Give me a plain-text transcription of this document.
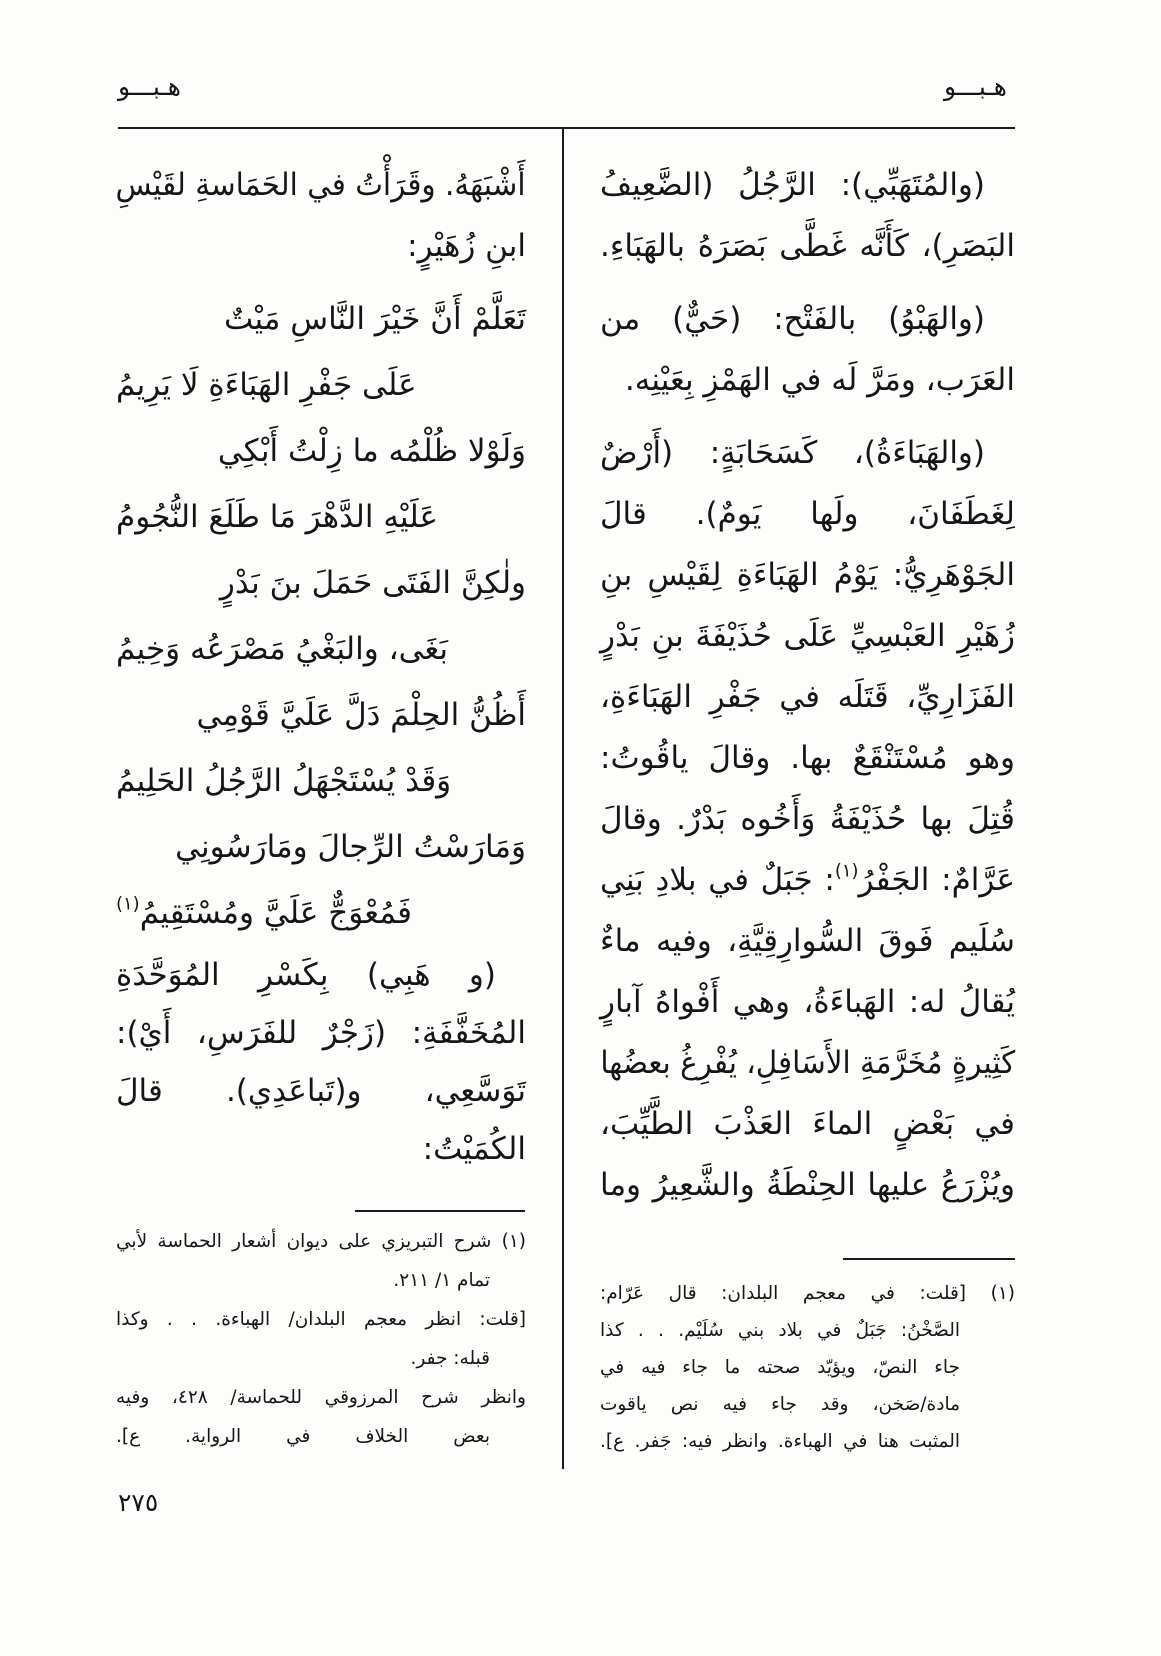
هـبـــو	هـبـــو
(والمُتَهَبِّي): الرَّجُلُ (الضَّعِيفُ
البَصَرِ)، كَأَنَّه غَطَّى بَصَرَهُ بالهَبَاءِ.
(والهَبْوُ) بالفَتْح: (حَيٌّ) من
العَرَب، ومَرَّ لَه في الهَمْزِ بِعَيْنِه.
(والهَبَاءَةُ)، كَسَحَابَةٍ: (أَرْضٌ
لِغَطَفَانَ، ولَها يَومٌ). قالَ
الجَوْهَرِيُّ: يَوْمُ الهَبَاءَةِ لِقَيْسِ بنِ
زُهَيْرِ العَبْسِيِّ عَلَى حُذَيْفَةَ بنِ بَدْرٍ
الفَزَارِيِّ، قَتَلَه في جَفْرِ الهَبَاءَةِ،
وهو مُسْتَنْقَعٌ بها. وقالَ ياقُوتُ:
قُتِلَ بها حُذَيْفَةُ وَأَخُوه بَدْرٌ. وقالَ
عَرَّامٌ: الجَفْرُ$^{(١)}$: جَبَلٌ في بلادِ بَنِي
سُلَيم فَوقَ السُّوارِقِيَّةِ، وفيه ماءٌ
يُقالُ له: الهَباءَةُ، وهي أَفْواهُ آبارٍ
كَثِيرةٍ مُخَرَّمَةِ الأَسَافِلِ، يُفْرِغُ بعضُها
في بَعْضٍ الماءَ العَذْبَ الطَّيِّبَ،
ويُزْرَعُ عليها الحِنْطَةُ والشَّعِيرُ وما
(١) [قلت: في معجم البلدان: قال عَرّام:
الصَّخْنُ: جَبَلٌ في بلاد بني سُلَيْم. . . كذا
جاء النصّ، ويؤيّد صحته ما جاء فيه في
مادة/صَخن، وقد جاء فيه نص ياقوت
المثبت هنا في الهباءة. وانظر فيه: جَفر. ع].
أَشْبَهَهُ. وقَرَأْتُ في الحَمَاسةِ لقَيْسِ
ابنِ زُهَيْرٍ:
تَعَلَّمْ أَنَّ خَيْرَ النَّاسِ مَيْتٌ
عَلَى جَفْرِ الهَبَاءَةِ لَا يَرِيمُ
وَلَوْلا ظُلْمُه ما زِلْتُ أَبْكِي
عَلَيْهِ الدَّهْرَ مَا طَلَعَ النُّجُومُ
ولٰكِنَّ الفَتَى حَمَلَ بنَ بَدْرٍ
بَغَى، والبَغْيُ مَصْرَعُه وَخِيمُ
أَظُنُّ الحِلْمَ دَلَّ عَلَيَّ قَوْمِي
وَقَدْ يُسْتَجْهَلُ الرَّجُلُ الحَلِيمُ
وَمَارَسْتُ الرِّجالَ ومَارَسُونِي
فَمُعْوَجٌّ عَلَيَّ ومُسْتَقِيمُ$^{(١)}$
(و هَبِي) بِكَسْرِ المُوَحَّدَةِ
المُخَفَّفَةِ: (زَجْرٌ للفَرَسِ، أَيْ):
تَوَسَّعِي، و(تَباعَدِي). قالَ
الكُمَيْتُ:
(١) شرح التبريزي على ديوان أشعار الحماسة لأبي
تمام ١/ ٢١١.
[قلت: انظر معجم البلدان/ الهباءة. . . وكذا
قبله: جفر.
وانظر شرح المرزوقي للحماسة/ ٤٢٨، وفيه
بعض الخلاف في الرواية. ع].
٢٧٥
